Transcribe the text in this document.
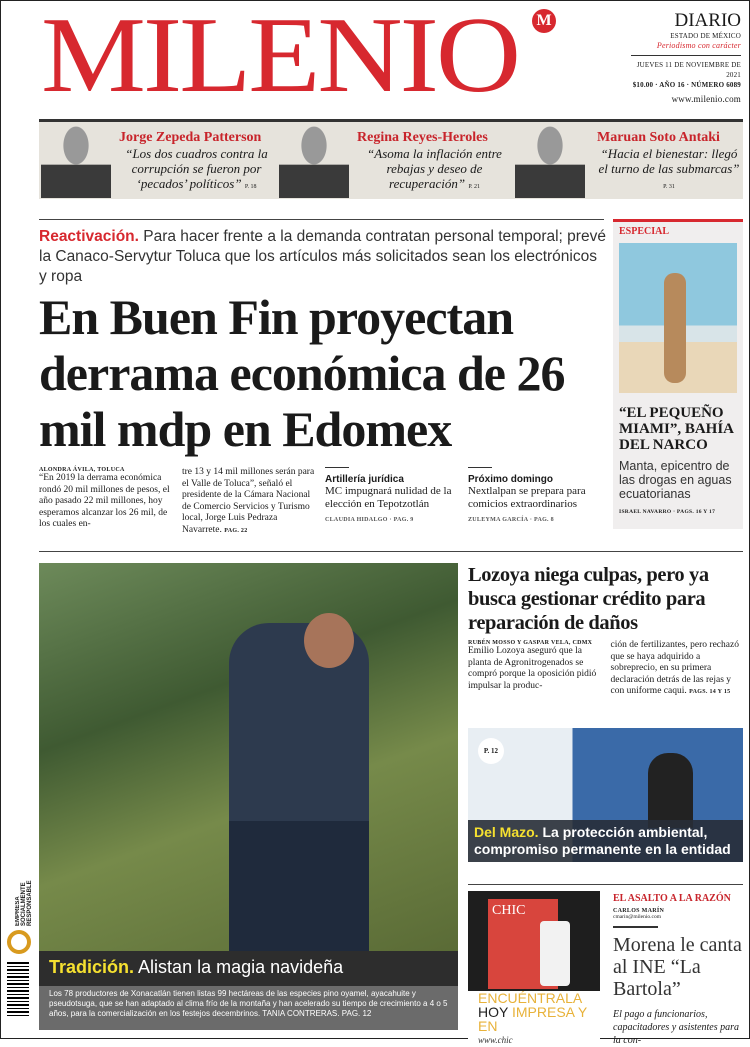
MILENIO M	DIARIO
ESTADO DE MÉXICO
Periodismo con carácter
JUEVES 11 DE NOVIEMBRE DE 2021
$10.00 · AÑO 16 · NÚMERO 6089
www.milenio.com
Jorge Zepeda Patterson
“Los dos cuadros contra la corrupción se fueron por ‘pecados’ políticos” P. 18
Regina Reyes-Heroles
“Asoma la inflación entre rebajas y deseo de recuperación” P. 21
Maruan Soto Antaki
“Hacia el bienestar: llegó el turno de las submarcas” P. 31
Reactivación. Para hacer frente a la demanda contratan personal temporal; prevé la Canaco-Servytur Toluca que los artículos más solicitados sean los electrónicos y ropa
En Buen Fin proyectan derrama económica de 26 mil mdp en Edomex
ALONDRA ÁVILA, TOLUCA
“En 2019 la derrama económica rondó 20 mil millones de pesos, el año pasado 22 mil millones, hoy esperamos alcanzar los 26 mil, de los cuales en-
tre 13 y 14 mil millones serán para el Valle de Toluca”, señaló el presidente de la Cámara Nacional de Comercio Servicios y Turismo local, Jorge Luis Pedraza Navarrete. PAG. 22
Artillería jurídica
MC impugnará nulidad de la elección en Tepotzotlán
CLAUDIA HIDALGO · PAG. 9
Próximo domingo
Nextlalpan se prepara para comicios extraordinarios
ZULEYMA GARCÍA · PAG. 8
ESPECIAL
“EL PEQUEÑO MIAMI”, BAHÍA DEL NARCO
Manta, epicentro de las drogas en aguas ecuatorianas
ISRAEL NAVARRO · PAGS. 16 Y 17
Tradición. Alistan la magia navideña
Los 78 productores de Xonacatlán tienen listas 99 hectáreas de las especies pino oyamel, ayacahuite y pseudotsuga, que se han adaptado al clima frío de la montaña y han acelerado su tiempo de crecimiento a 4 o 5 años, para la comercialización en los festejos decembrinos. TANIA CONTRERAS. PAG. 12
Lozoya niega culpas, pero ya busca gestionar crédito para reparación de daños
RUBÉN MOSSO Y GASPAR VELA, CDMX
Emilio Lozoya aseguró que la planta de Agronitrogenados se compró porque la oposición pidió impulsar la produc-
ción de fertilizantes, pero rechazó que se haya adquirido a sobreprecio, en su primera declaración detrás de las rejas y con uniforme caqui. PAGS. 14 Y 15
P. 12
Del Mazo. La protección ambiental, compromiso permanente en la entidad
CHIC
ENCUÉNTRALA
HOY IMPRESA Y EN
www.chic
EL ASALTO A LA RAZÓN
CARLOS MARÍN
cmarin@milenio.com
Morena le canta al INE “La Bartola”
El pago a funcionarios, capacitadores y asistentes para la con-
EMPRESA SOCIALMENTE RESPONSABLE
